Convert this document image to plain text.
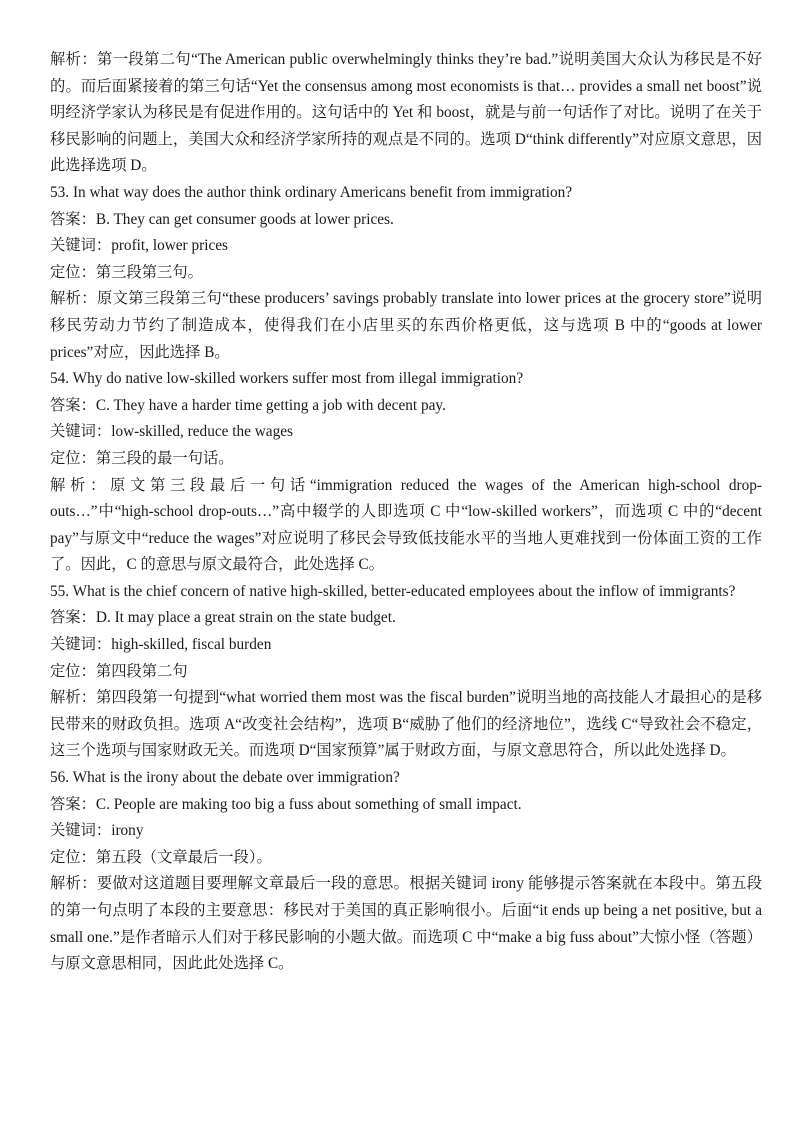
解析：第一段第二句“The American public overwhelmingly thinks they’re bad.”说明美国大众认为移民是不好的。而后面紧接着的第三句话“Yet the consensus among most economists is that… provides a small net boost”说明经济学家认为移民是有促进作用的。这句话中的 Yet 和 boost，就是与前一句话作了对比。说明了在关于移民影响的问题上，美国大众和经济学家所持的观点是不同的。选项 D“think differently”对应原文意思，因此选择选项 D。

53. In what way does the author think ordinary Americans benefit from immigration?

答案：B. They can get consumer goods at lower prices.

关键词：profit, lower prices

定位：第三段第三句。

解析：原文第三段第三句“these producers’ savings probably translate into lower prices at the grocery store”说明移民劳动力节约了制造成本，使得我们在小店里买的东西价格更低，这与选项 B 中的“goods at lower prices”对应，因此选择 B。

54. Why do native low-skilled workers suffer most from illegal immigration?

答案：C. They have a harder time getting a job with decent pay.

关键词：low-skilled, reduce the wages

定位：第三段的最一句话。

解析：原文第三段最后一句话“immigration reduced the wages of the American high-school drop-outs…”中“high-school drop-outs…”高中辍学的人即选项 C 中“low-skilled workers”，而选项 C 中的“decent pay”与原文中“reduce the wages”对应说明了移民会导致低技能水平的当地人更难找到一份体面工资的工作了。因此，C 的意思与原文最符合，此处选择 C。

55. What is the chief concern of native high-skilled, better-educated employees about the inflow of immigrants?

答案：D. It may place a great strain on the state budget.

关键词：high-skilled, fiscal burden

定位：第四段第二句

解析：第四段第一句提到“what worried them most was the fiscal burden”说明当地的高技能人才最担心的是移民带来的财政负担。选项 A“改变社会结构”，选项 B“威胁了他们的经济地位”，选线 C“导致社会不稳定，这三个选项与国家财政无关。而选项 D“国家预算”属于财政方面，与原文意思符合，所以此处选择 D。

56. What is the irony about the debate over immigration?

答案：C. People are making too big a fuss about something of small impact.

关键词：irony

定位：第五段（文章最后一段）。

解析：要做对这道题目要理解文章最后一段的意思。根据关键词 irony 能够提示答案就在本段中。第五段的第一句点明了本段的主要意思：移民对于美国的真正影响很小。后面“it ends up being a net positive, but a small one.”是作者暗示人们对于移民影响的小题大做。而选项 C 中“make a big fuss about”大惊小怪（答题）与原文意思相同，因此此处选择 C。
